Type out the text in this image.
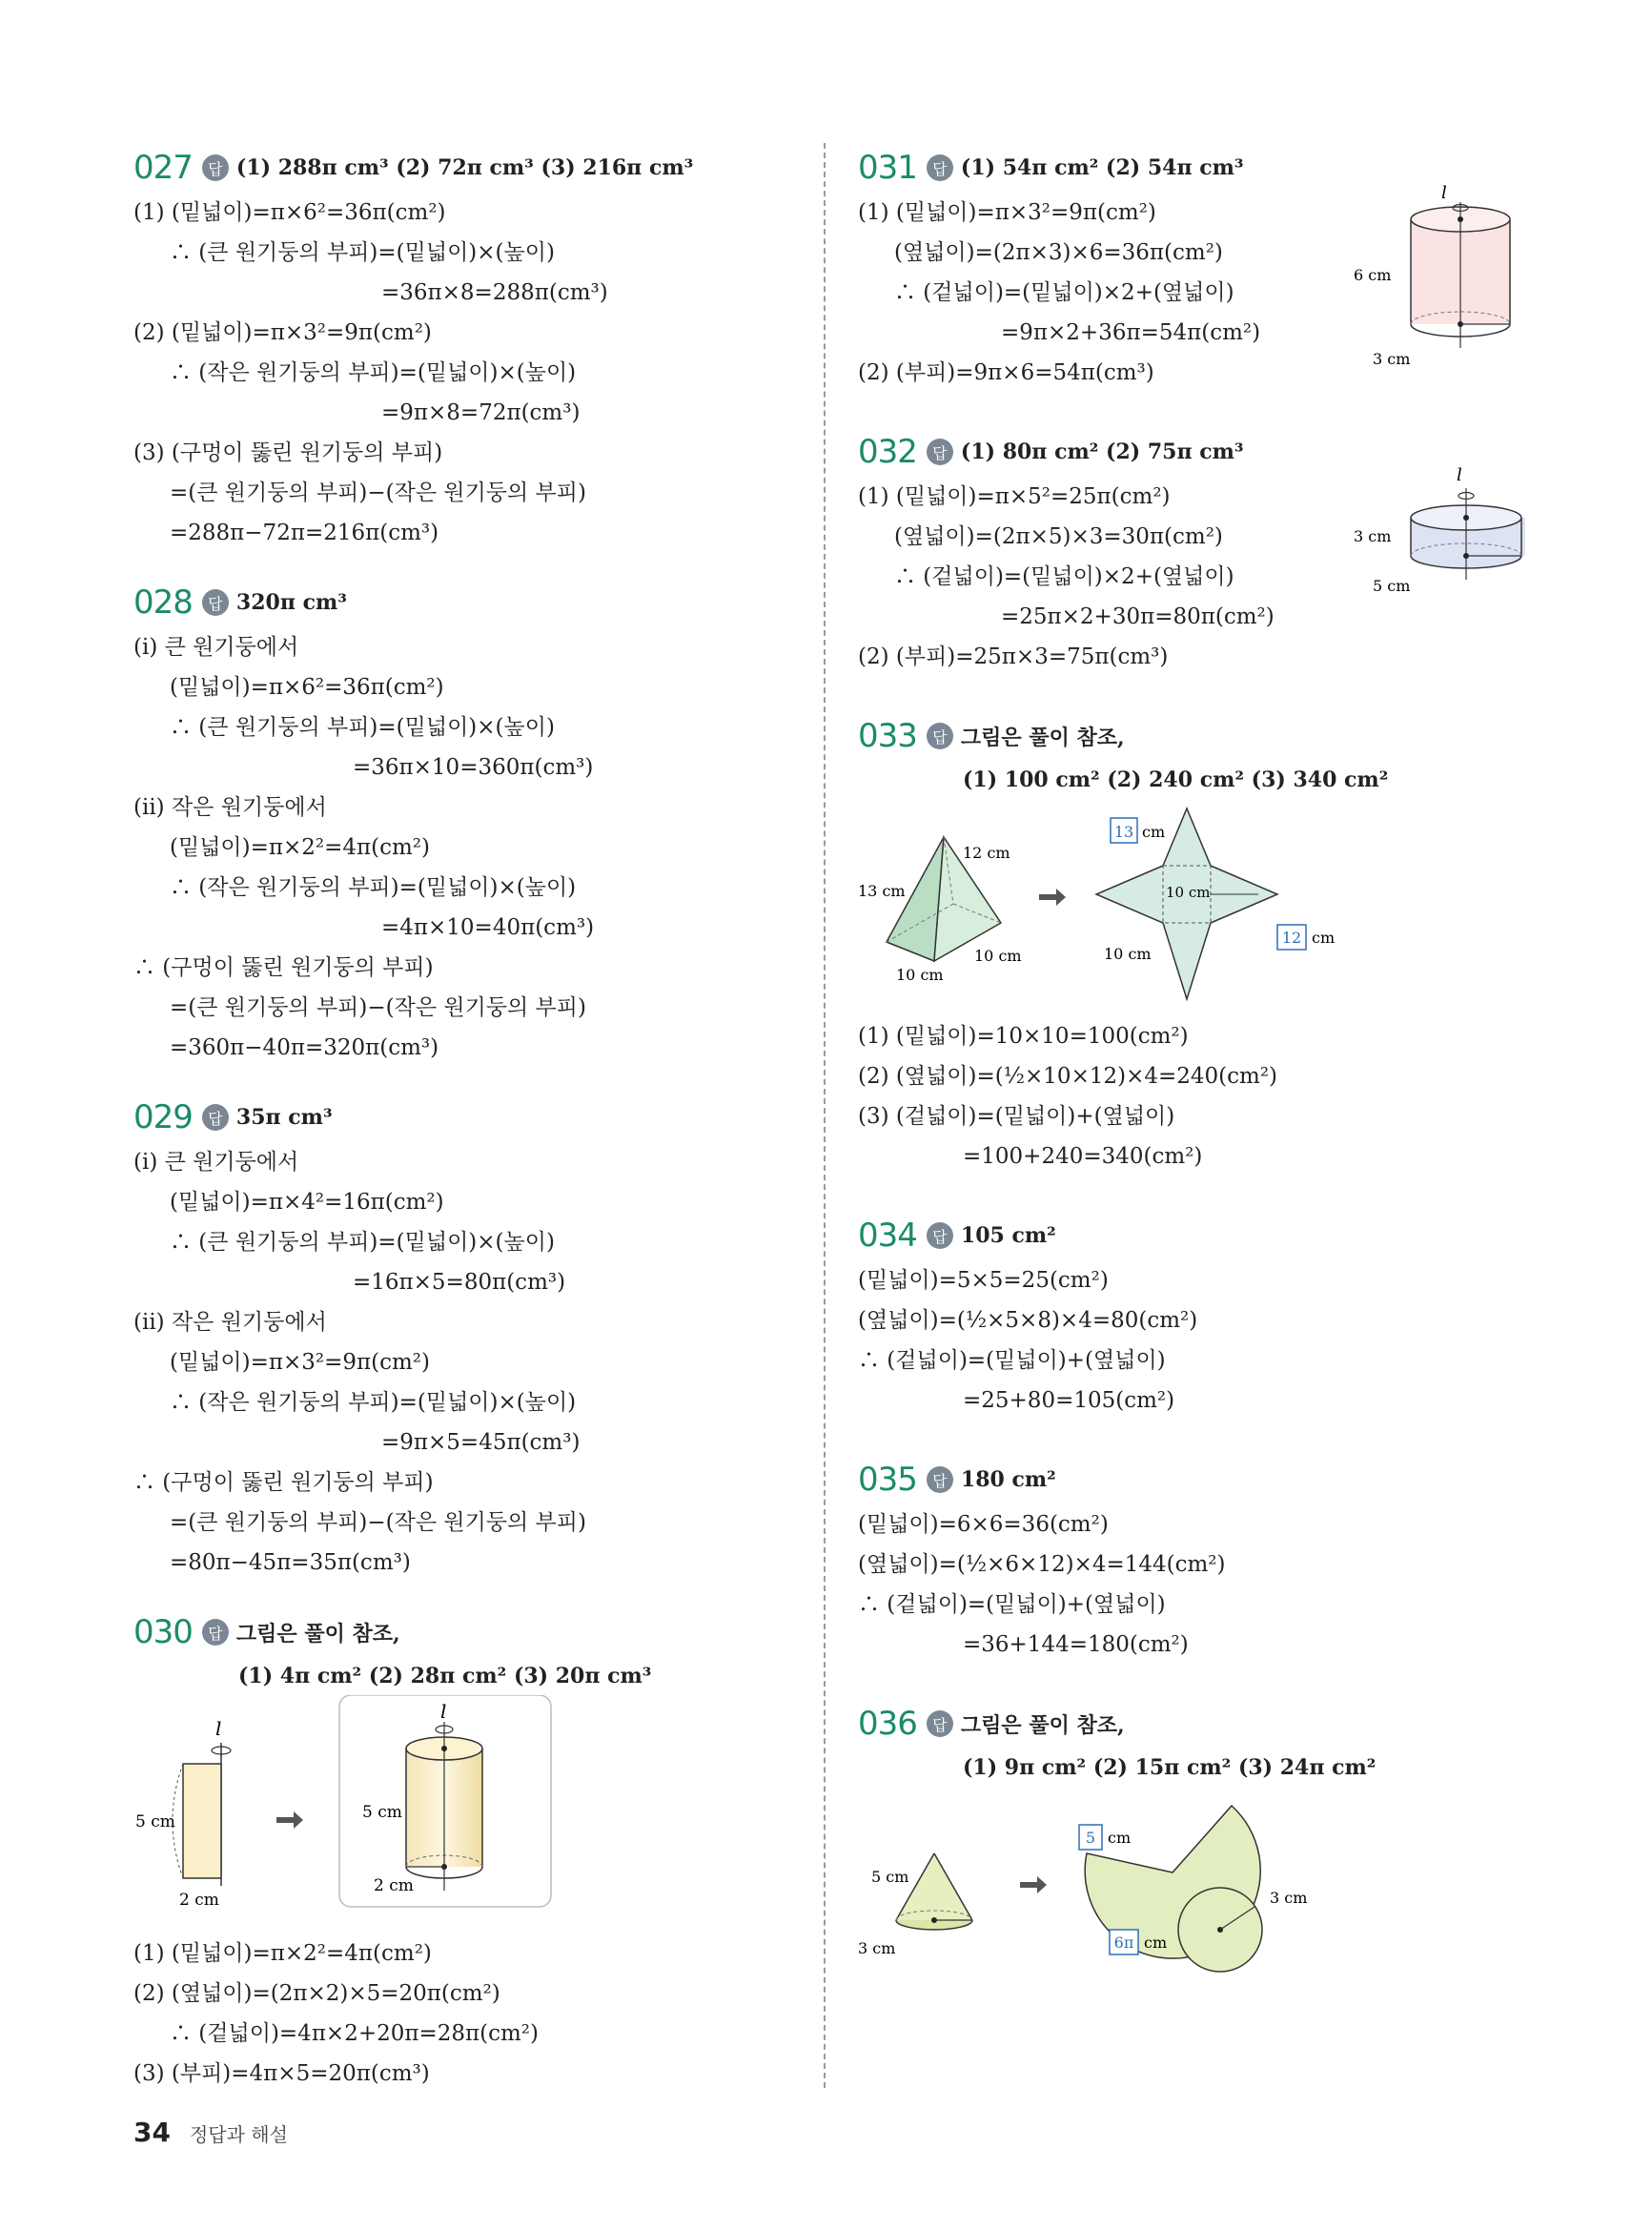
027	답 (1) 288π cm³ (2) 72π cm³ (3) 216π cm³
(1) (밑넓이)=π×6²=36π(cm²)
∴ (큰 원기둥의 부피)=(밑넓이)×(높이)
=36π×8=288π(cm³)
(2) (밑넓이)=π×3²=9π(cm²)
∴ (작은 원기둥의 부피)=(밑넓이)×(높이)
=9π×8=72π(cm³)
(3) (구멍이 뚫린 원기둥의 부피)
=(큰 원기둥의 부피)−(작은 원기둥의 부피)
=288π−72π=216π(cm³)
028	답 320π cm³
(ⅰ) 큰 원기둥에서
(밑넓이)=π×6²=36π(cm²)
∴ (큰 원기둥의 부피)=(밑넓이)×(높이)
=36π×10=360π(cm³)
(ⅱ) 작은 원기둥에서
(밑넓이)=π×2²=4π(cm²)
∴ (작은 원기둥의 부피)=(밑넓이)×(높이)
=4π×10=40π(cm³)
∴ (구멍이 뚫린 원기둥의 부피)
=(큰 원기둥의 부피)−(작은 원기둥의 부피)
=360π−40π=320π(cm³)
029	답 35π cm³
(ⅰ) 큰 원기둥에서
(밑넓이)=π×4²=16π(cm²)
∴ (큰 원기둥의 부피)=(밑넓이)×(높이)
=16π×5=80π(cm³)
(ⅱ) 작은 원기둥에서
(밑넓이)=π×3²=9π(cm²)
∴ (작은 원기둥의 부피)=(밑넓이)×(높이)
=9π×5=45π(cm³)
∴ (구멍이 뚫린 원기둥의 부피)
=(큰 원기둥의 부피)−(작은 원기둥의 부피)
=80π−45π=35π(cm³)
030	답 그림은 풀이 참조,
(1) 4π cm² (2) 28π cm² (3) 20π cm³
l
5 cm
2 cm
l
5 cm
2 cm
(1) (밑넓이)=π×2²=4π(cm²)
(2) (옆넓이)=(2π×2)×5=20π(cm²)
∴ (겉넓이)=4π×2+20π=28π(cm²)
(3) (부피)=4π×5=20π(cm³)
031	답 (1) 54π cm² (2) 54π cm³
(1) (밑넓이)=π×3²=9π(cm²)
(옆넓이)=(2π×3)×6=36π(cm²)
∴ (겉넓이)=(밑넓이)×2+(옆넓이)
=9π×2+36π=54π(cm²)
(2) (부피)=9π×6=54π(cm³)
l
6 cm
3 cm
032	답 (1) 80π cm² (2) 75π cm³
(1) (밑넓이)=π×5²=25π(cm²)
(옆넓이)=(2π×5)×3=30π(cm²)
∴ (겉넓이)=(밑넓이)×2+(옆넓이)
=25π×2+30π=80π(cm²)
(2) (부피)=25π×3=75π(cm³)
l
3 cm
5 cm
033	답 그림은 풀이 참조,
(1) 100 cm² (2) 240 cm² (3) 340 cm²
13 cm
12 cm
10 cm
10 cm
13 cm
10 cm
12 cm
10 cm
(1) (밑넓이)=10×10=100(cm²)
(2) (옆넓이)=(½×10×12)×4=240(cm²)
(3) (겉넓이)=(밑넓이)+(옆넓이)
=100+240=340(cm²)
034	답 105 cm²
(밑넓이)=5×5=25(cm²)
(옆넓이)=(½×5×8)×4=80(cm²)
∴ (겉넓이)=(밑넓이)+(옆넓이)
=25+80=105(cm²)
035	답 180 cm²
(밑넓이)=6×6=36(cm²)
(옆넓이)=(½×6×12)×4=144(cm²)
∴ (겉넓이)=(밑넓이)+(옆넓이)
=36+144=180(cm²)
036	답 그림은 풀이 참조,
(1) 9π cm² (2) 15π cm² (3) 24π cm²
5 cm
3 cm
5 cm
3 cm
6π cm
34 정답과 해설
